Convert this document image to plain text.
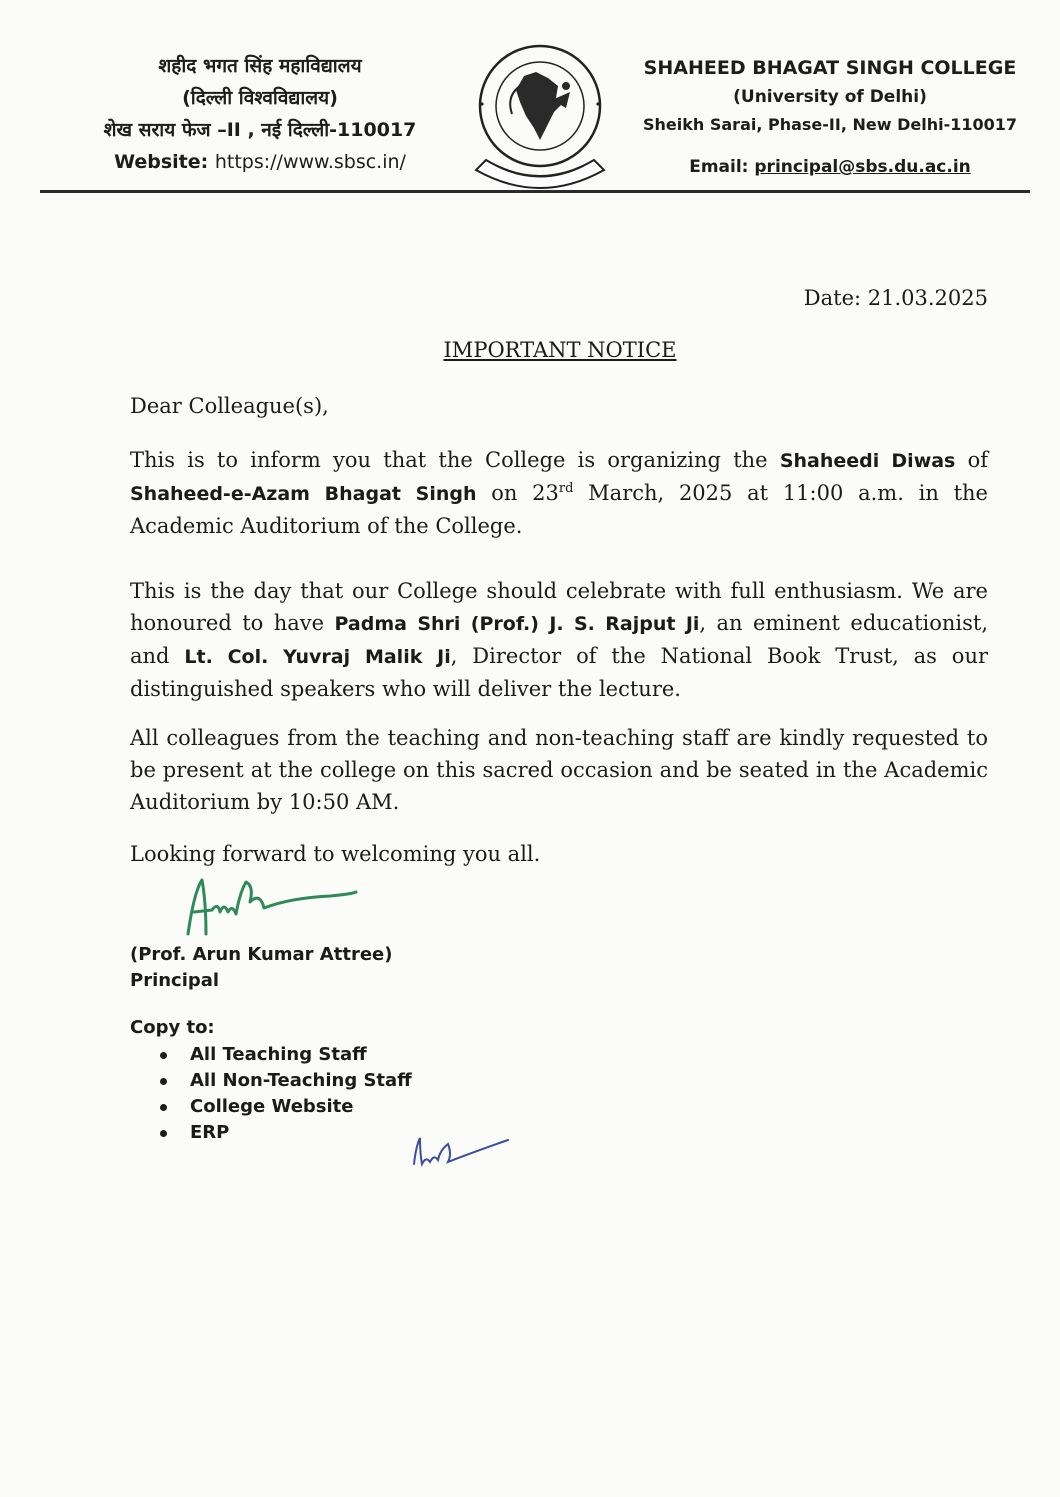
शहीद भगत सिंह महाविद्यालय
(दिल्ली विश्वविद्यालय)
शेख सराय फेज –II , नई दिल्ली-110017
Website: https://www.sbsc.in/
SHAHEED BHAGAT SINGH COLLEGE
(University of Delhi)
Sheikh Sarai, Phase-II, New Delhi-110017
Email: principal@sbs.du.ac.in
Date: 21.03.2025
IMPORTANT NOTICE
Dear Colleague(s),
This is to inform you that the College is organizing the Shaheedi Diwas of Shaheed-e-Azam Bhagat Singh on 23rd March, 2025 at 11:00 a.m. in the Academic Auditorium of the College.
This is the day that our College should celebrate with full enthusiasm. We are honoured to have Padma Shri (Prof.) J. S. Rajput Ji, an eminent educationist, and Lt. Col. Yuvraj Malik Ji, Director of the National Book Trust, as our distinguished speakers who will deliver the lecture.
All colleagues from the teaching and non-teaching staff are kindly requested to be present at the college on this sacred occasion and be seated in the Academic Auditorium by 10:50 AM.
Looking forward to welcoming you all.
(Prof. Arun Kumar Attree)
Principal
Copy to:
All Teaching Staff
All Non-Teaching Staff
College Website
ERP
